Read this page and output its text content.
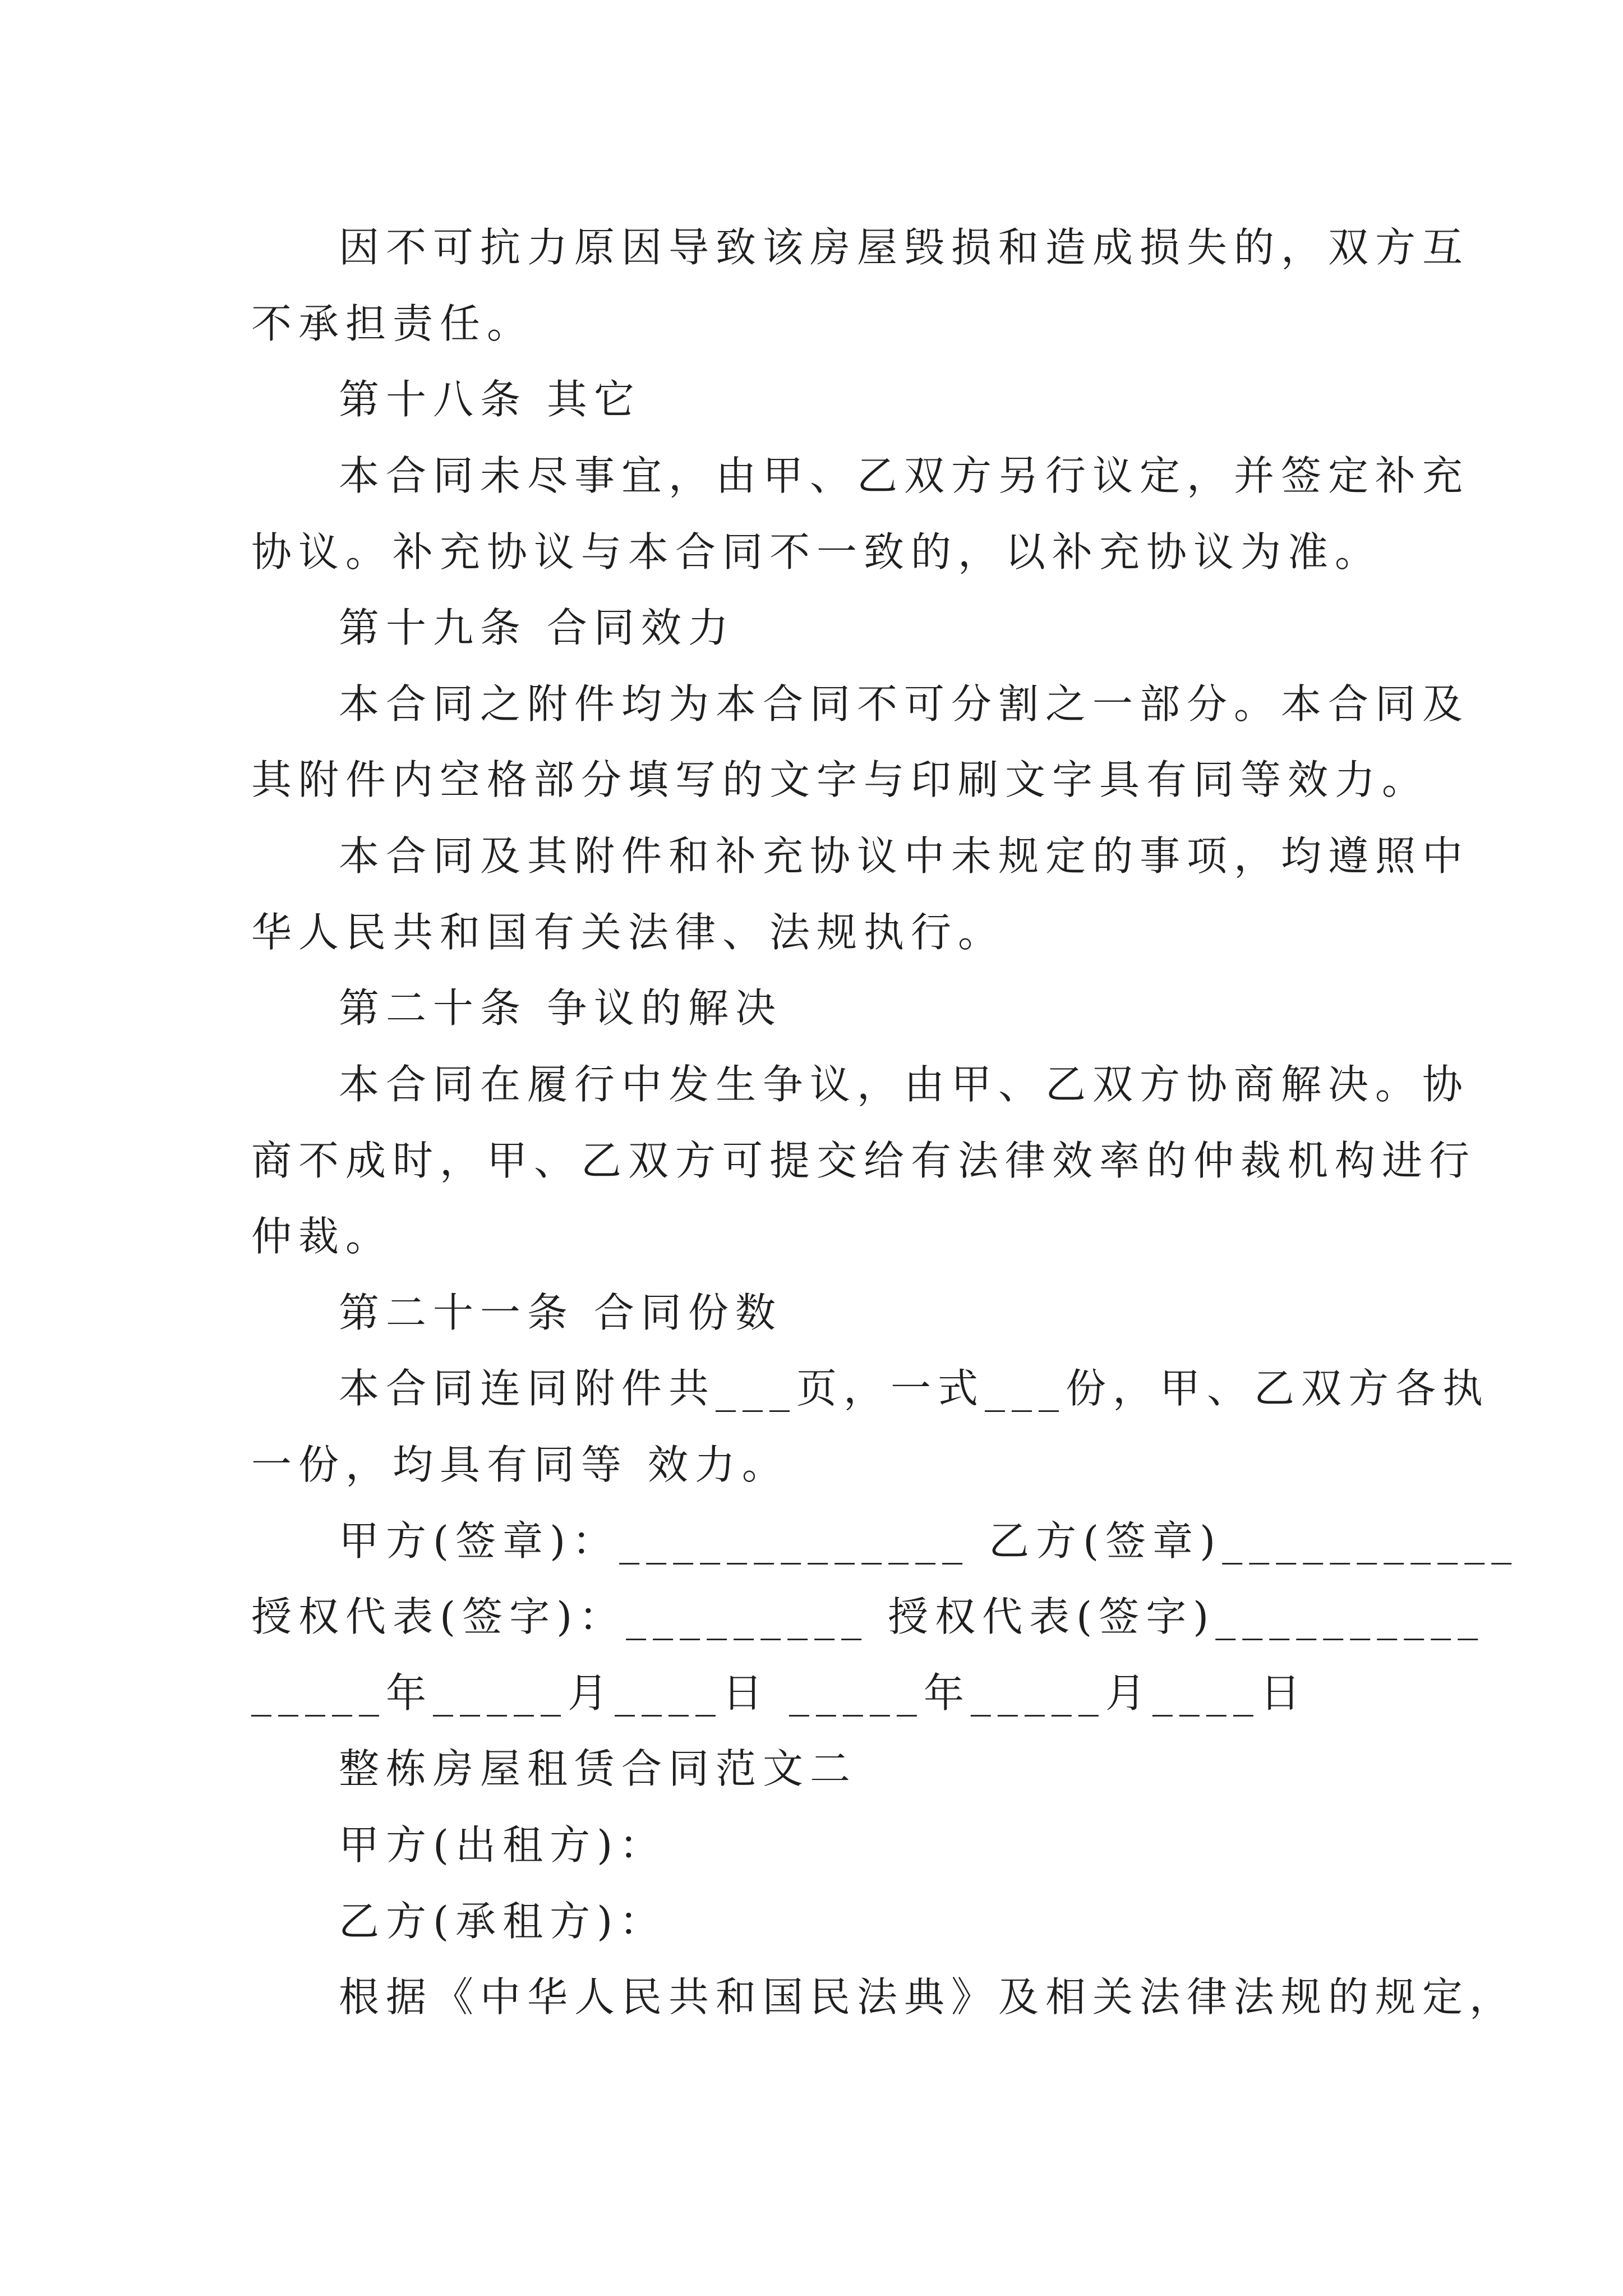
因不可抗力原因导致该房屋毁损和造成损失的，双方互
不承担责任。
第十八条 其它
本合同未尽事宜，由甲、乙双方另行议定，并签定补充
协议。补充协议与本合同不一致的，以补充协议为准。
第十九条 合同效力
本合同之附件均为本合同不可分割之一部分。本合同及
其附件内空格部分填写的文字与印刷文字具有同等效力。
本合同及其附件和补充协议中未规定的事项，均遵照中
华人民共和国有关法律、法规执行。
第二十条 争议的解决
本合同在履行中发生争议，由甲、乙双方协商解决。协
商不成时，甲、乙双方可提交给有法律效率的仲裁机构进行
仲裁。
第二十一条 合同份数
本合同连同附件共___页，一式___份，甲、乙双方各执
一份，均具有同等 效力。
甲方(签章)：_____________ 乙方(签章)___________
授权代表(签字)：_________ 授权代表(签字)__________
_____年_____月____日 _____年_____月____日
整栋房屋租赁合同范文二
甲方(出租方)：
乙方(承租方)：
根据《中华人民共和国民法典》及相关法律法规的规定，
